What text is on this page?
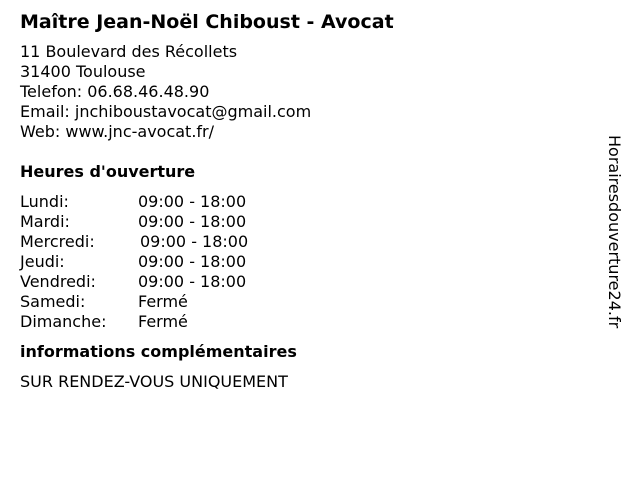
Maître Jean-Noël Chiboust - Avocat
11 Boulevard des Récollets
31400 Toulouse
Telefon: 06.68.46.48.90
Email: jnchiboustavocat@gmail.com
Web: www.jnc-avocat.fr/
Heures d'ouverture
Lundi:	09:00 - 18:00
Mardi:	09:00 - 18:00
Mercredi:	09:00 - 18:00
Jeudi:	09:00 - 18:00
Vendredi:	09:00 - 18:00
Samedi:	Fermé
Dimanche: Fermé
informations complémentaires
SUR RENDEZ-VOUS UNIQUEMENT
Horairesdouverture24.fr
